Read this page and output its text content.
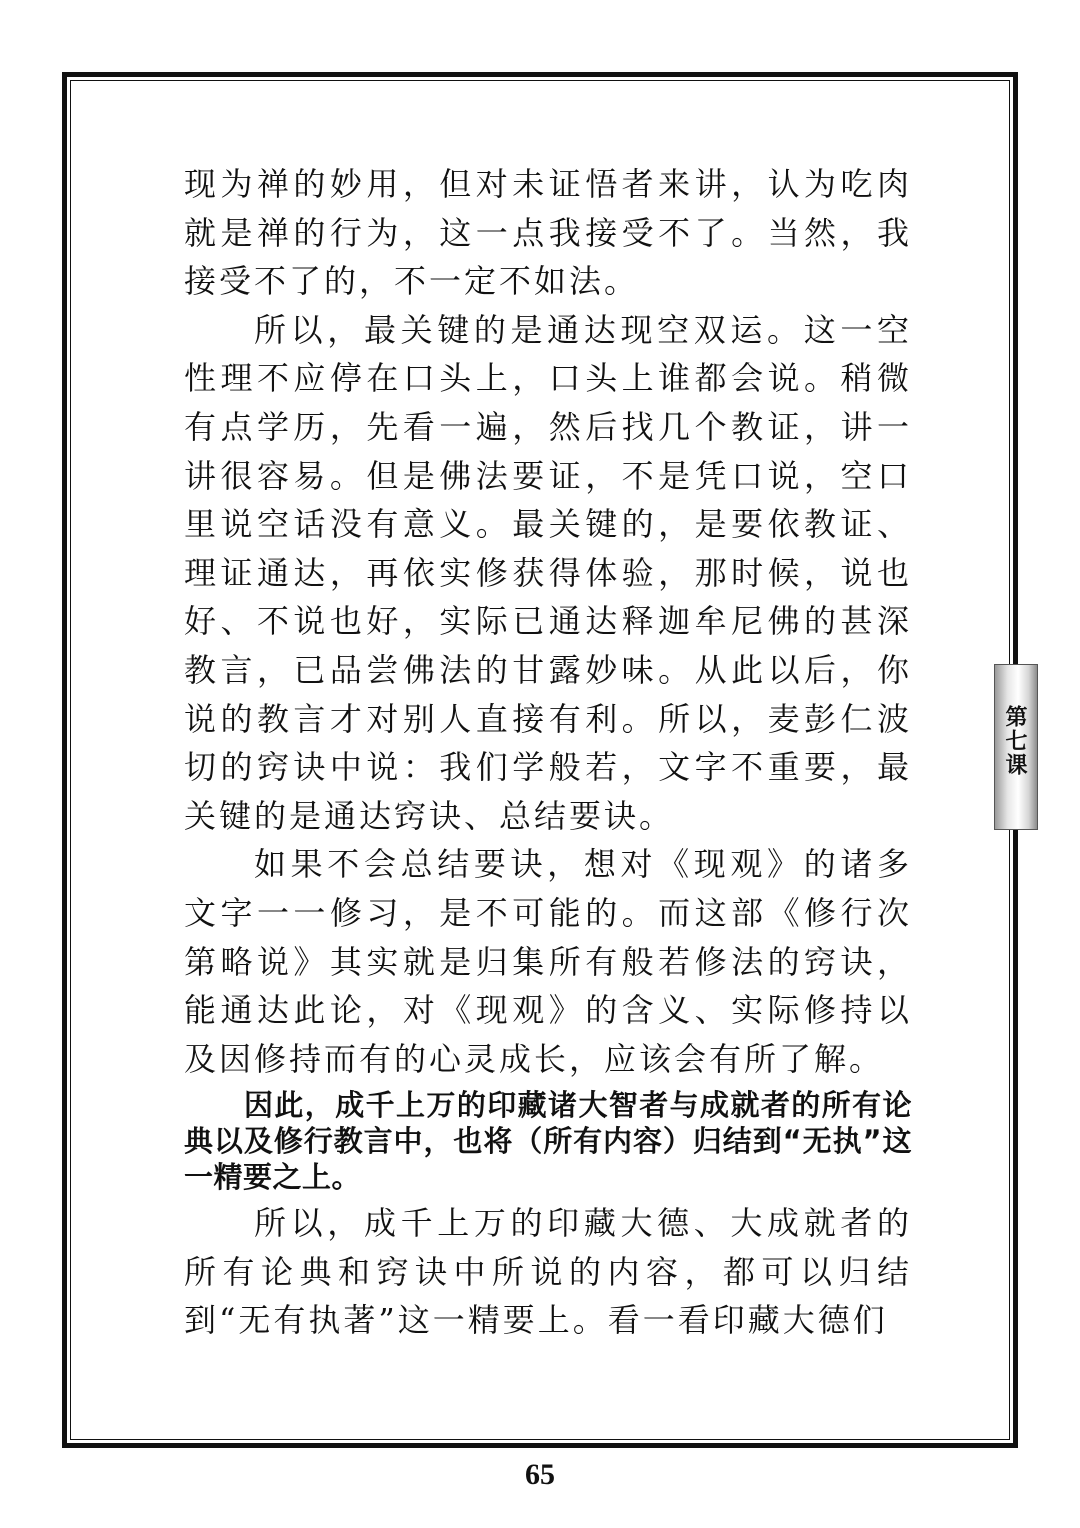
现为禅的妙用，但对未证悟者来讲，认为吃肉就是禅的行为，这一点我接受不了。当然，我接受不了的，不一定不如法。

所以，最关键的是通达现空双运。这一空性理不应停在口头上，口头上谁都会说。稍微有点学历，先看一遍，然后找几个教证，讲一讲很容易。但是佛法要证，不是凭口说，空口里说空话没有意义。最关键的，是要依教证、理证通达，再依实修获得体验，那时候，说也好、不说也好，实际已通达释迦牟尼佛的甚深教言，已品尝佛法的甘露妙味。从此以后，你说的教言才对别人直接有利。所以，麦彭仁波切的窍诀中说：我们学般若，文字不重要，最关键的是通达窍诀、总结要诀。

如果不会总结要诀，想对《现观》的诸多文字一一修习，是不可能的。而这部《修行次第略说》其实就是归集所有般若修法的窍诀，能通达此论，对《现观》的含义、实际修持以及因修持而有的心灵成长，应该会有所了解。

因此，成千上万的印藏诸大智者与成就者的所有论典以及修行教言中，也将（所有内容）归结到“无执”这一精要之上。

所以，成千上万的印藏大德、大成就者的所有论典和窍诀中所说的内容，都可以归结到“无有执著”这一精要上。看一看印藏大德们

第七课
65
